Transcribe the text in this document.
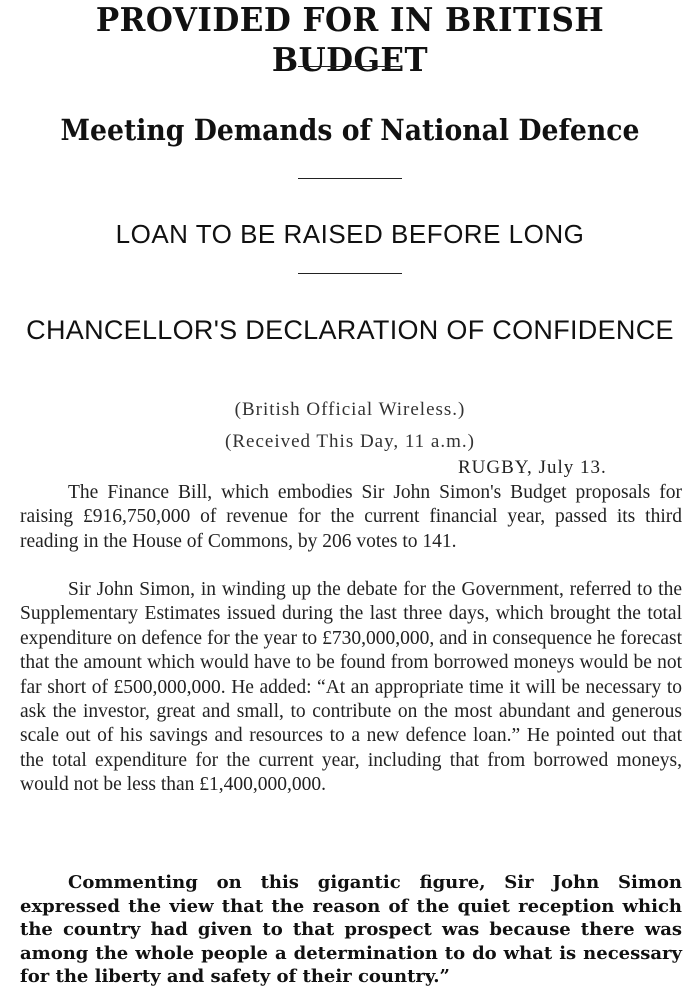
PROVIDED FOR IN BRITISH BUDGET
Meeting Demands of National Defence
LOAN TO BE RAISED BEFORE LONG
CHANCELLOR'S DECLARATION OF CONFIDENCE
(British Official Wireless.)
(Received This Day, 11 a.m.)
RUGBY, July 13.
The Finance Bill, which embodies Sir John Simon's Budget proposals for raising £916,750,000 of revenue for the current financial year, passed its third reading in the House of Commons, by 206 votes to 141.
Sir John Simon, in winding up the debate for the Government, referred to the Supplementary Estimates issued during the last three days, which brought the total expenditure on defence for the year to £730,000,000, and in consequence he forecast that the amount which would have to be found from borrowed moneys would be not far short of £500,000,000. He added: “At an appropriate time it will be necessary to ask the investor, great and small, to contribute on the most abundant and generous scale out of his savings and resources to a new defence loan.” He pointed out that the total expenditure for the current year, including that from borrowed moneys, would not be less than £1,400,000,000.
Commenting on this gigantic figure, Sir John Simon expressed the view that the reason of the quiet reception which the country had given to that prospect was because there was among the whole people a determination to do what is necessary for the liberty and safety of their country.”
